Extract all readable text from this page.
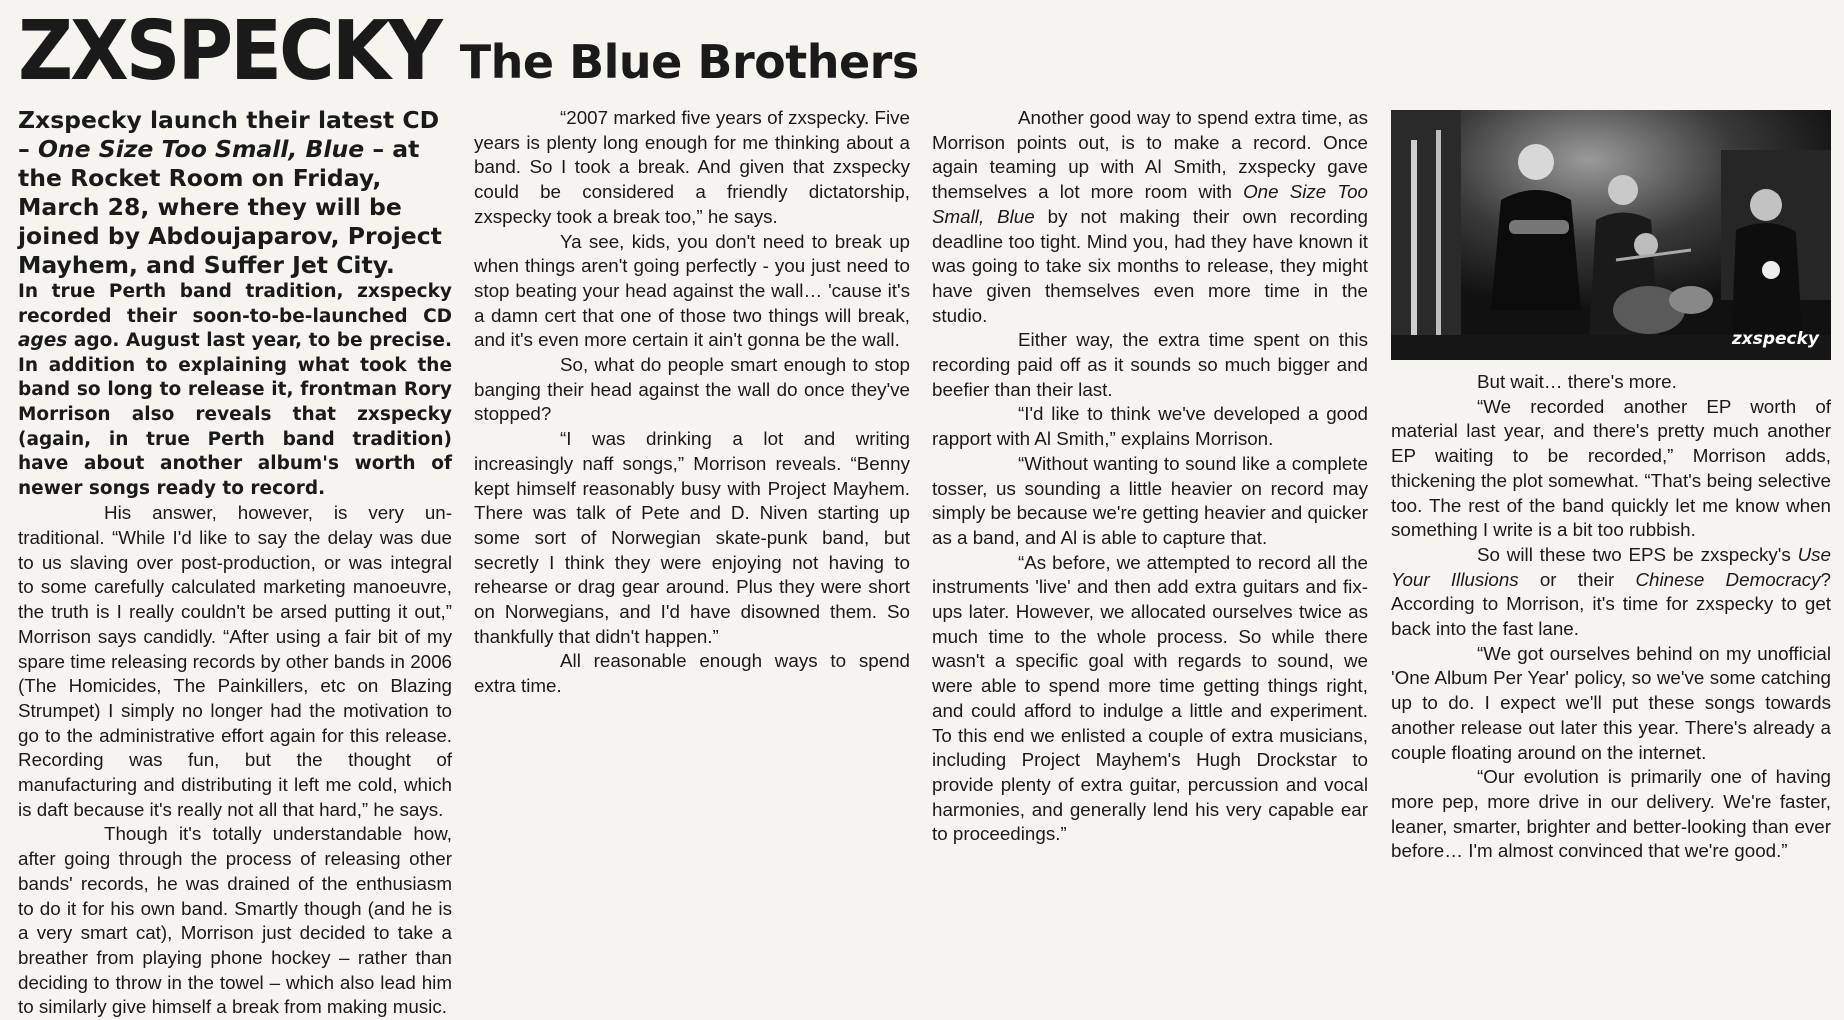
ZXSPECKY The Blue Brothers

Zxspecky launch their latest CD – One Size Too Small, Blue – at the Rocket Room on Friday, March 28, where they will be joined by Abdoujaparov, Project Mayhem, and Suffer Jet City.

In true Perth band tradition, zxspecky recorded their soon-to-be-launched CD ages ago. August last year, to be precise. In addition to explaining what took the band so long to release it, frontman Rory Morrison also reveals that zxspecky (again, in true Perth band tradition) have about another album's worth of newer songs ready to record.

His answer, however, is very un-traditional. “While I'd like to say the delay was due to us slaving over post-production, or was integral to some carefully calculated marketing manoeuvre, the truth is I really couldn't be arsed putting it out,” Morrison says candidly. “After using a fair bit of my spare time releasing records by other bands in 2006 (The Homicides, The Painkillers, etc on Blazing Strumpet) I simply no longer had the motivation to go to the administrative effort again for this release. Recording was fun, but the thought of manufacturing and distributing it left me cold, which is daft because it's really not all that hard,” he says.

Though it's totally understandable how, after going through the process of releasing other bands' records, he was drained of the enthusiasm to do it for his own band. Smartly though (and he is a very smart cat), Morrison just decided to take a breather from playing phone hockey – rather than deciding to throw in the towel – which also lead him to similarly give himself a break from making music.

“2007 marked five years of zxspecky. Five years is plenty long enough for me thinking about a band. So I took a break. And given that zxspecky could be considered a friendly dictatorship, zxspecky took a break too,” he says.

Ya see, kids, you don't need to break up when things aren't going perfectly - you just need to stop beating your head against the wall… 'cause it's a damn cert that one of those two things will break, and it's even more certain it ain't gonna be the wall.

So, what do people smart enough to stop banging their head against the wall do once they've stopped?

“I was drinking a lot and writing increasingly naff songs,” Morrison reveals. “Benny kept himself reasonably busy with Project Mayhem. There was talk of Pete and D. Niven starting up some sort of Norwegian skate-punk band, but secretly I think they were enjoying not having to rehearse or drag gear around. Plus they were short on Norwegians, and I'd have disowned them. So thankfully that didn't happen.”

All reasonable enough ways to spend extra time.

Another good way to spend extra time, as Morrison points out, is to make a record. Once again teaming up with Al Smith, zxspecky gave themselves a lot more room with One Size Too Small, Blue by not making their own recording deadline too tight. Mind you, had they have known it was going to take six months to release, they might have given themselves even more time in the studio.

Either way, the extra time spent on this recording paid off as it sounds so much bigger and beefier than their last.

“I'd like to think we've developed a good rapport with Al Smith,” explains Morrison.

“Without wanting to sound like a complete tosser, us sounding a little heavier on record may simply be because we're getting heavier and quicker as a band, and Al is able to capture that.

“As before, we attempted to record all the instruments 'live' and then add extra guitars and fix-ups later. However, we allocated ourselves twice as much time to the whole process. So while there wasn't a specific goal with regards to sound, we were able to spend more time getting things right, and could afford to indulge a little and experiment. To this end we enlisted a couple of extra musicians, including Project Mayhem's Hugh Drockstar to provide plenty of extra guitar, percussion and vocal harmonies, and generally lend his very capable ear to proceedings.”

zxspecky

But wait… there's more.

“We recorded another EP worth of material last year, and there's pretty much another EP waiting to be recorded,” Morrison adds, thickening the plot somewhat. “That's being selective too. The rest of the band quickly let me know when something I write is a bit too rubbish.

So will these two EPS be zxspecky's Use Your Illusions or their Chinese Democracy? According to Morrison, it's time for zxspecky to get back into the fast lane.

“We got ourselves behind on my unofficial 'One Album Per Year' policy, so we've some catching up to do. I expect we'll put these songs towards another release out later this year. There's already a couple floating around on the internet.

“Our evolution is primarily one of having more pep, more drive in our delivery. We're faster, leaner, smarter, brighter and better-looking than ever before… I'm almost convinced that we're good.”
